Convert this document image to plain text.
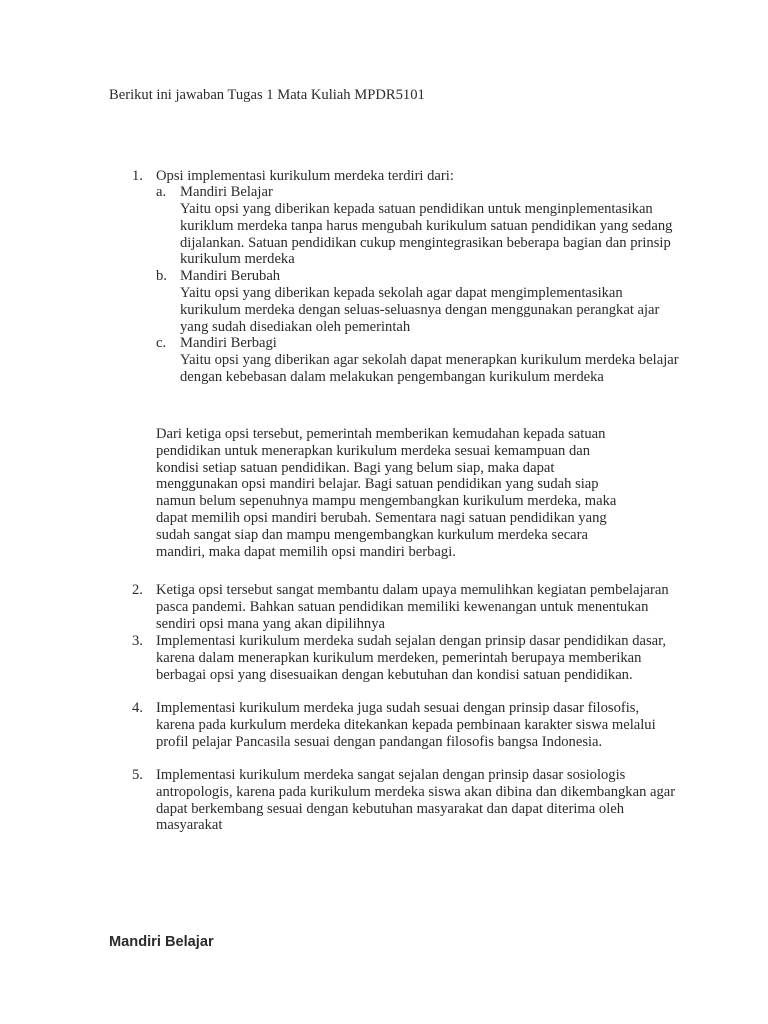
Berikut ini jawaban Tugas 1 Mata Kuliah MPDR5101
1. Opsi implementasi kurikulum merdeka terdiri dari:
a. Mandiri Belajar
Yaitu opsi yang diberikan kepada satuan pendidikan untuk menginplementasikan kuriklum merdeka tanpa harus mengubah kurikulum satuan pendidikan yang sedang dijalankan. Satuan pendidikan cukup mengintegrasikan beberapa bagian dan prinsip kurikulum merdeka
b. Mandiri Berubah
Yaitu opsi yang diberikan kepada sekolah agar dapat mengimplementasikan kurikulum merdeka dengan seluas-seluasnya dengan menggunakan perangkat ajar yang sudah disediakan oleh pemerintah
c. Mandiri Berbagi
Yaitu opsi yang diberikan agar sekolah dapat menerapkan kurikulum merdeka belajar dengan kebebasan dalam melakukan pengembangan kurikulum merdeka
Dari ketiga opsi tersebut, pemerintah memberikan kemudahan kepada satuan pendidikan untuk menerapkan kurikulum merdeka sesuai kemampuan dan kondisi setiap satuan pendidikan. Bagi yang belum siap, maka dapat menggunakan opsi mandiri belajar. Bagi satuan pendidikan yang sudah siap namun belum sepenuhnya mampu mengembangkan kurikulum merdeka, maka dapat memilih opsi mandiri berubah. Sementara nagi satuan pendidikan yang sudah sangat siap dan mampu mengembangkan kurkulum merdeka secara mandiri, maka dapat memilih opsi mandiri berbagi.
2. Ketiga opsi tersebut sangat membantu dalam upaya memulihkan kegiatan pembelajaran pasca pandemi. Bahkan satuan pendidikan memiliki kewenangan untuk menentukan sendiri opsi mana yang akan dipilihnya
3. Implementasi kurikulum merdeka sudah sejalan dengan prinsip dasar pendidikan dasar, karena dalam menerapkan kurikulum merdeken, pemerintah berupaya memberikan berbagai opsi yang disesuaikan dengan kebutuhan dan kondisi satuan pendidikan.
4. Implementasi kurikulum merdeka juga sudah sesuai dengan prinsip dasar filosofis, karena pada kurkulum merdeka ditekankan kepada pembinaan karakter siswa melalui profil pelajar Pancasila sesuai dengan pandangan filosofis bangsa Indonesia.
5. Implementasi kurikulum merdeka sangat sejalan dengan prinsip dasar sosiologis antropologis, karena pada kurikulum merdeka siswa akan dibina dan dikembangkan agar dapat berkembang sesuai dengan kebutuhan masyarakat dan dapat diterima oleh masyarakat
Mandiri Belajar
